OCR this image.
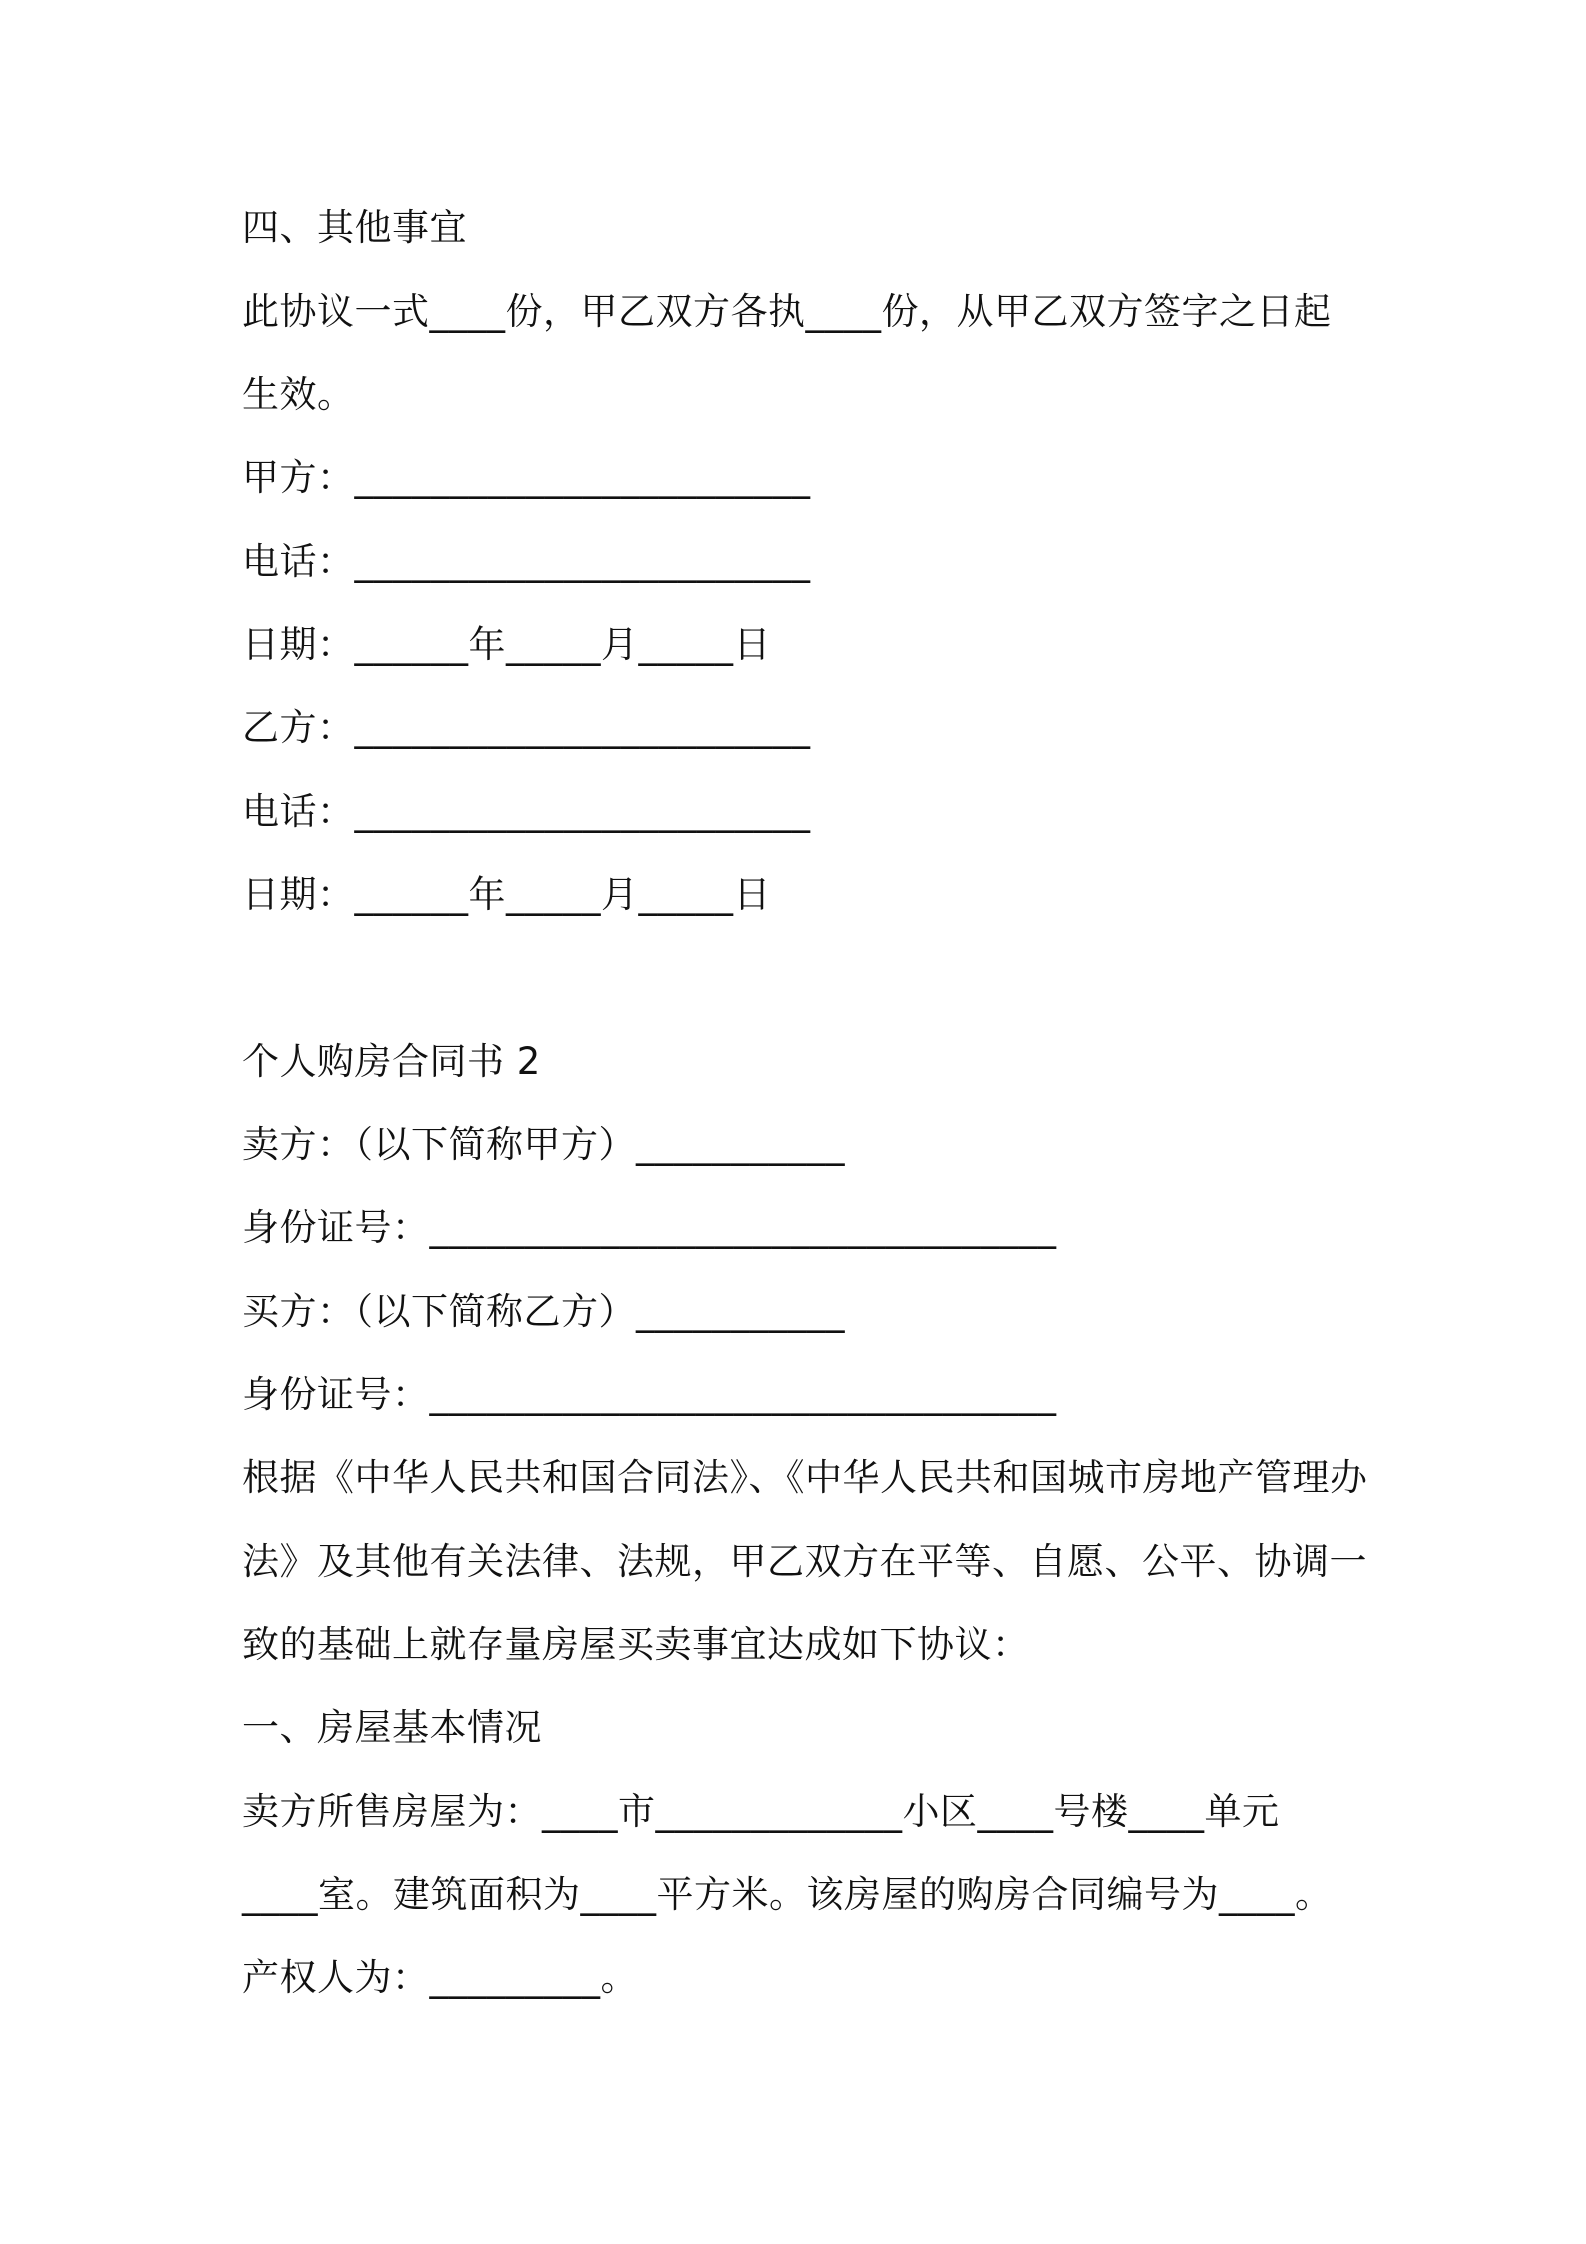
四、其他事宜
此协议一式____份，甲乙双方各执____份，从甲乙双方签字之日起
生效。
甲方：________________________
电话：________________________
日期：______年_____月_____日
乙方：________________________
电话：________________________
日期：______年_____月_____日
个人购房合同书 2
卖方：（以下简称甲方）___________
身份证号：_________________________________
买方：（以下简称乙方）___________
身份证号：_________________________________
根据《中华人民共和国合同法》、《中华人民共和国城市房地产管理办
法》及其他有关法律、法规，甲乙双方在平等、自愿、公平、协调一
致的基础上就存量房屋买卖事宜达成如下协议：
一、房屋基本情况
卖方所售房屋为：____市_____________小区____号楼____单元
____室。建筑面积为____平方米。该房屋的购房合同编号为____。
产权人为：_________。
